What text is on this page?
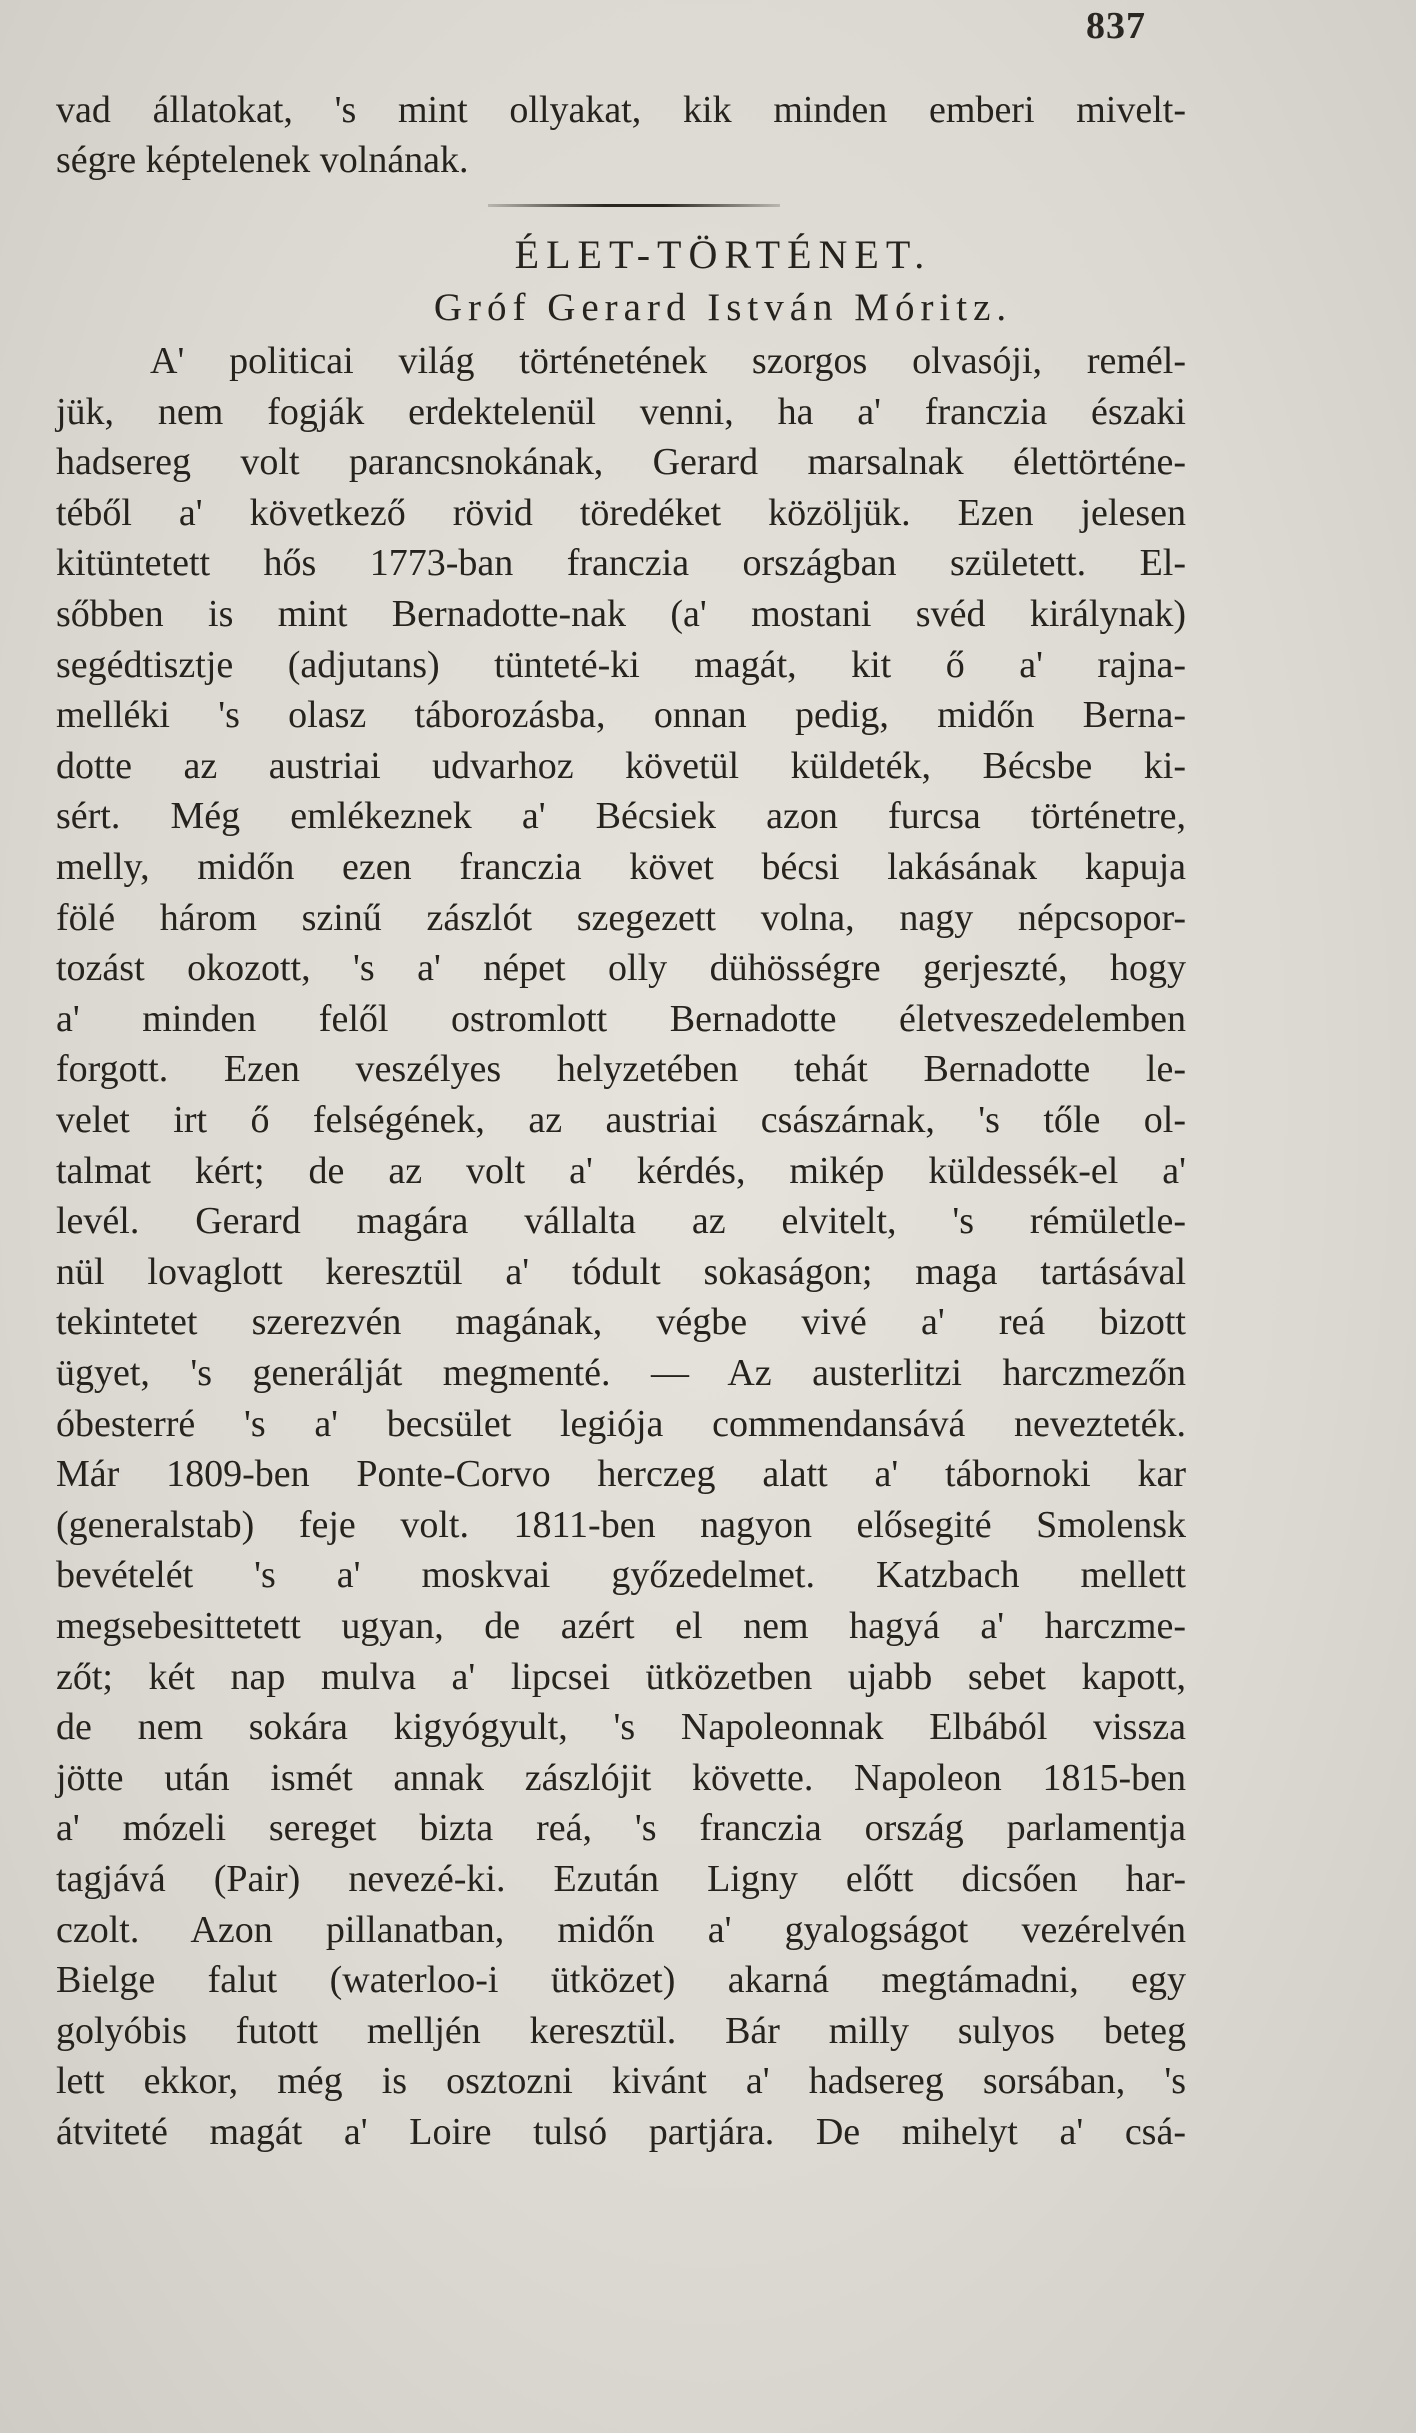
837
vad állatokat, 's mint ollyakat, kik minden emberi mivelt-
ségre képtelenek volnának.
ÉLET-TÖRTÉNET.
Gróf Gerard István Móritz.
A' politicai világ történetének szorgos olvasóji, remél-
jük, nem fogják erdektelenül venni, ha a' franczia északi
hadsereg volt parancsnokának, Gerard marsalnak élettörténe-
téből a' következő rövid töredéket közöljük. Ezen jelesen
kitüntetett hős 1773-ban franczia országban született. El-
sőbben is mint Bernadotte-nak (a' mostani svéd királynak)
segédtisztje (adjutans) tünteté-ki magát, kit ő a' rajna-
melléki 's olasz táborozásba, onnan pedig, midőn Berna-
dotte az austriai udvarhoz követül küldeték, Bécsbe ki-
sért. Még emlékeznek a' Bécsiek azon furcsa történetre,
melly, midőn ezen franczia követ bécsi lakásának kapuja
fölé három szinű zászlót szegezett volna, nagy népcsopor-
tozást okozott, 's a' népet olly dühösségre gerjeszté, hogy
a' minden felől ostromlott Bernadotte életveszedelemben
forgott. Ezen veszélyes helyzetében tehát Bernadotte le-
velet irt ő felségének, az austriai császárnak, 's tőle ol-
talmat kért; de az volt a' kérdés, mikép küldessék-el a'
levél. Gerard magára vállalta az elvitelt, 's rémületle-
nül lovaglott keresztül a' tódult sokaságon; maga tartásával
tekintetet szerezvén magának, végbe vivé a' reá bizott
ügyet, 's generálját megmenté. — Az austerlitzi harczmezőn
óbesterré 's a' becsület legiója commendansává nevezteték.
Már 1809-ben Ponte-Corvo herczeg alatt a' tábornoki kar
(generalstab) feje volt. 1811-ben nagyon elősegité Smolensk
bevételét 's a' moskvai győzedelmet. Katzbach mellett
megsebesittetett ugyan, de azért el nem hagyá a' harczme-
zőt; két nap mulva a' lipcsei ütközetben ujabb sebet kapott,
de nem sokára kigyógyult, 's Napoleonnak Elbából vissza
jötte után ismét annak zászlójit követte. Napoleon 1815-ben
a' mózeli sereget bizta reá, 's franczia ország parlamentja
tagjává (Pair) nevezé-ki. Ezután Ligny előtt dicsően har-
czolt. Azon pillanatban, midőn a' gyalogságot vezérelvén
Bielge falut (waterloo-i ütközet) akarná megtámadni, egy
golyóbis futott melljén keresztül. Bár milly sulyos beteg
lett ekkor, még is osztozni kivánt a' hadsereg sorsában, 's
átviteté magát a' Loire tulsó partjára. De mihelyt a' csá-
